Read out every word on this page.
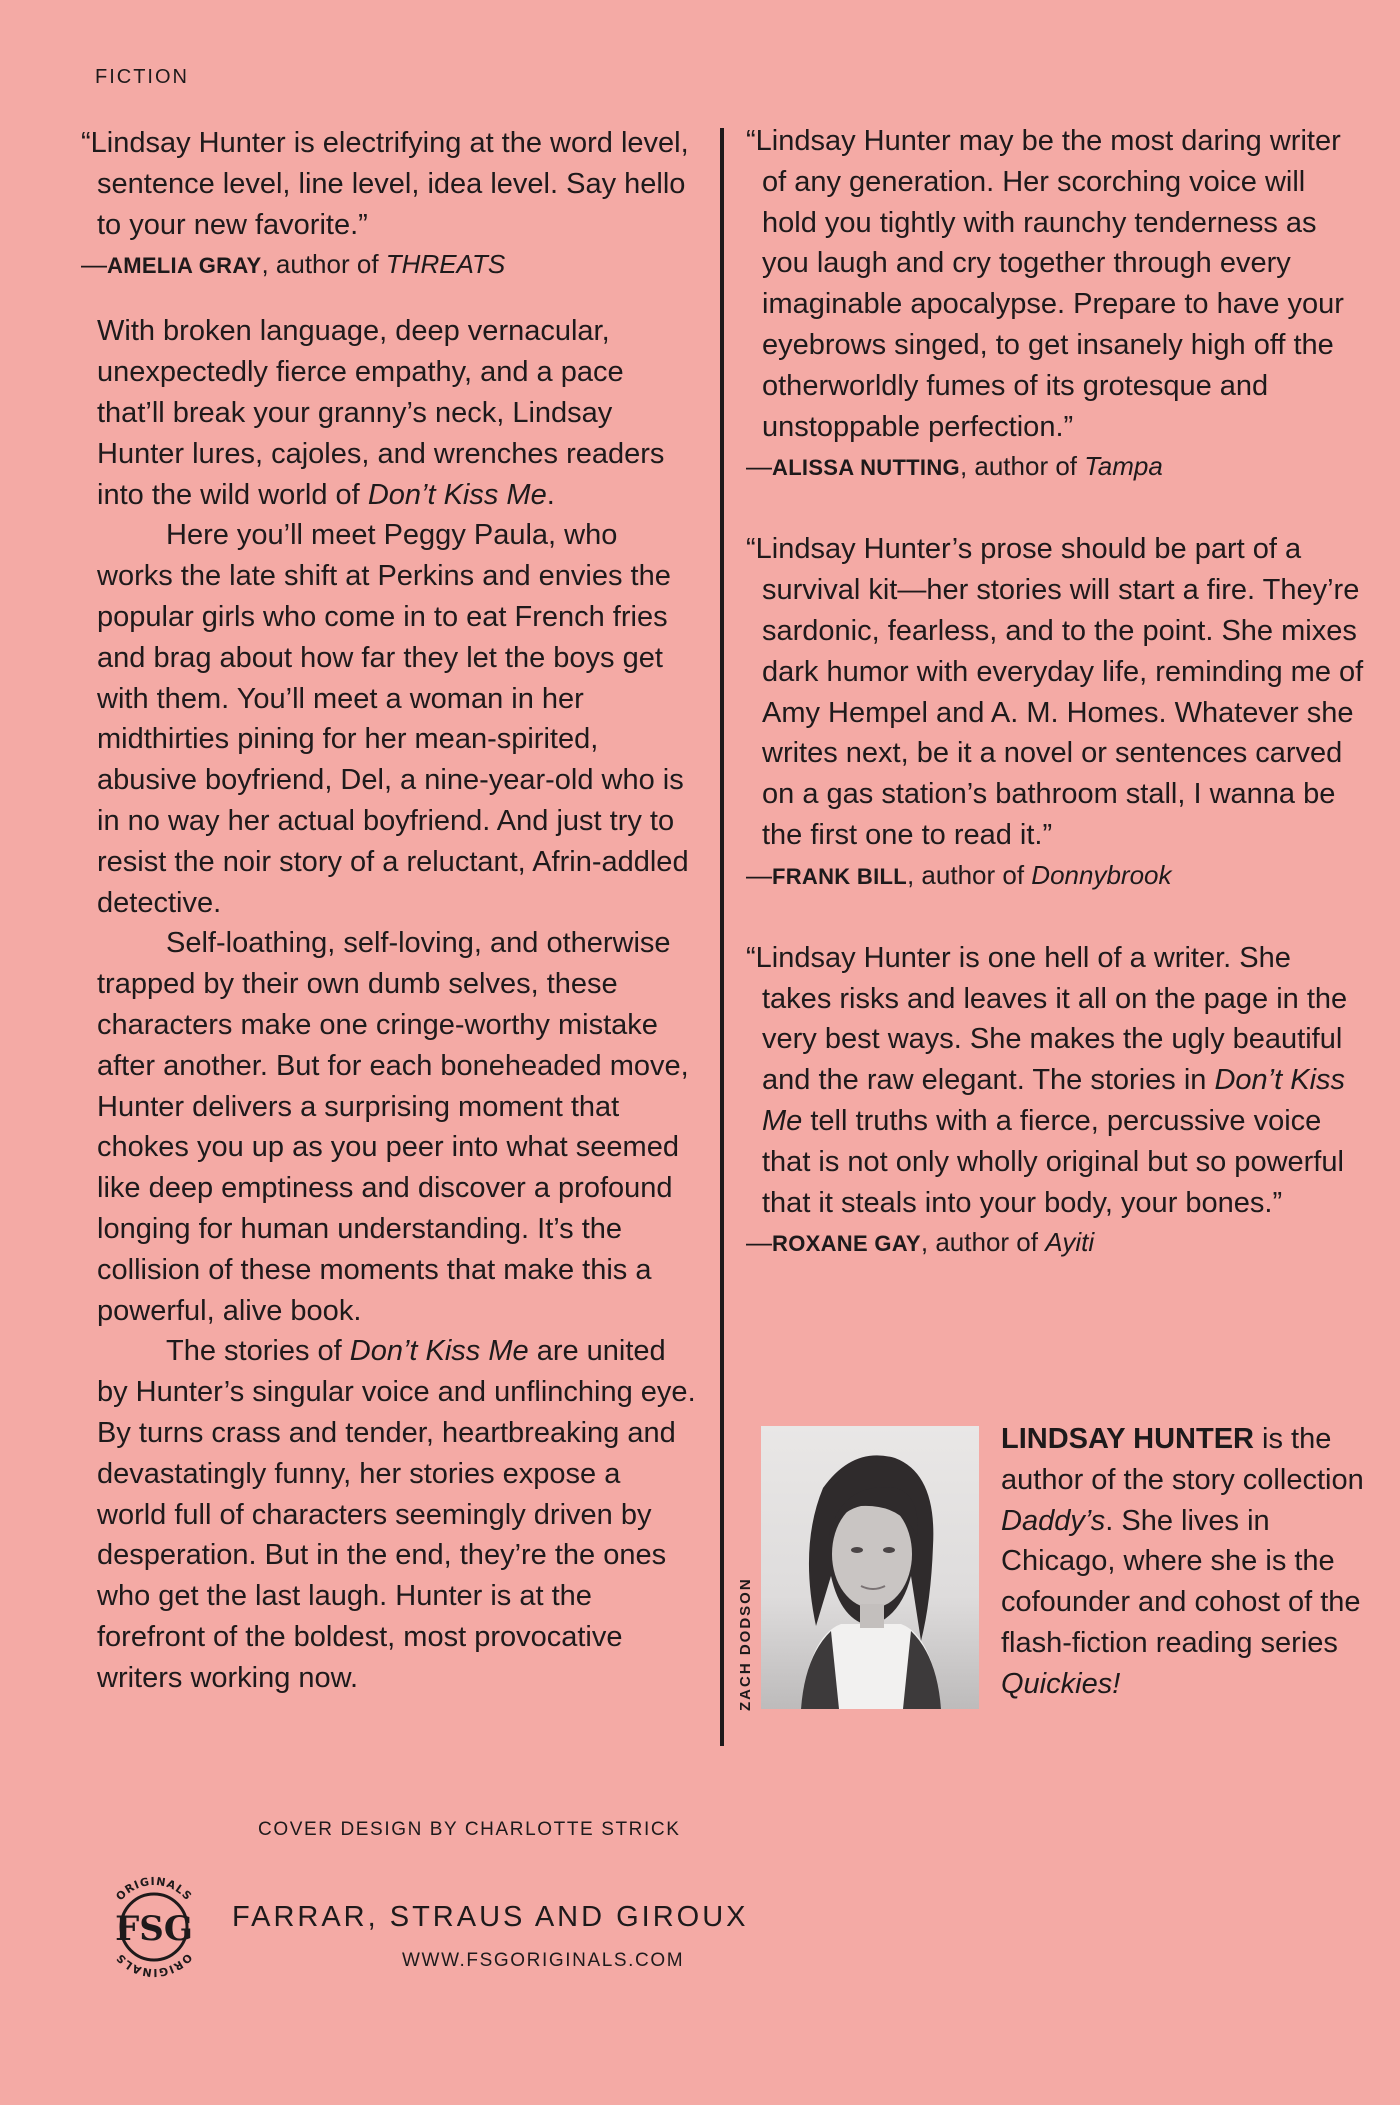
FICTION
“Lindsay Hunter is electrifying at the word level, sentence level, line level, idea level. Say hello to your new favorite.”
—AMELIA GRAY, author of THREATS
With broken language, deep vernacular, unexpectedly fierce empathy, and a pace that’ll break your granny’s neck, Lindsay Hunter lures, cajoles, and wrenches readers into the wild world of Don’t Kiss Me.
Here you’ll meet Peggy Paula, who works the late shift at Perkins and envies the popular girls who come in to eat French fries and brag about how far they let the boys get with them. You’ll meet a woman in her midthirties pining for her mean-spirited, abusive boyfriend, Del, a nine-year-old who is in no way her actual boyfriend. And just try to resist the noir story of a reluctant, Afrin-addled detective.
Self-loathing, self-loving, and otherwise trapped by their own dumb selves, these characters make one cringe-worthy mistake after another. But for each boneheaded move, Hunter delivers a surprising moment that chokes you up as you peer into what seemed like deep emptiness and discover a profound longing for human understanding. It’s the collision of these moments that make this a powerful, alive book.
The stories of Don’t Kiss Me are united by Hunter’s singular voice and unflinching eye. By turns crass and tender, heartbreaking and devastatingly funny, her stories expose a world full of characters seemingly driven by desperation. But in the end, they’re the ones who get the last laugh. Hunter is at the forefront of the boldest, most provocative writers working now.
“Lindsay Hunter may be the most daring writer of any generation. Her scorching voice will hold you tightly with raunchy tenderness as you laugh and cry together through every imaginable apocalypse. Prepare to have your eyebrows singed, to get insanely high off the otherworldly fumes of its grotesque and unstoppable perfection.”
—ALISSA NUTTING, author of Tampa
“Lindsay Hunter’s prose should be part of a survival kit—her stories will start a fire. They’re sardonic, fearless, and to the point. She mixes dark humor with everyday life, reminding me of Amy Hempel and A. M. Homes. Whatever she writes next, be it a novel or sentences carved on a gas station’s bathroom stall, I wanna be the first one to read it.”
—FRANK BILL, author of Donnybrook
“Lindsay Hunter is one hell of a writer. She takes risks and leaves it all on the page in the very best ways. She makes the ugly beautiful and the raw elegant. The stories in Don’t Kiss Me tell truths with a fierce, percussive voice that is not only wholly original but so powerful that it steals into your body, your bones.”
—ROXANE GAY, author of Ayiti
ZACH DODSON
LINDSAY HUNTER is the author of the story collection Daddy’s. She lives in Chicago, where she is the cofounder and cohost of the flash-fiction reading series Quickies!
COVER DESIGN BY CHARLOTTE STRICK
ORIGINALS
ORIGINALS
FSG FARRAR, STRAUS AND GIROUX
WWW.FSGORIGINALS.COM
